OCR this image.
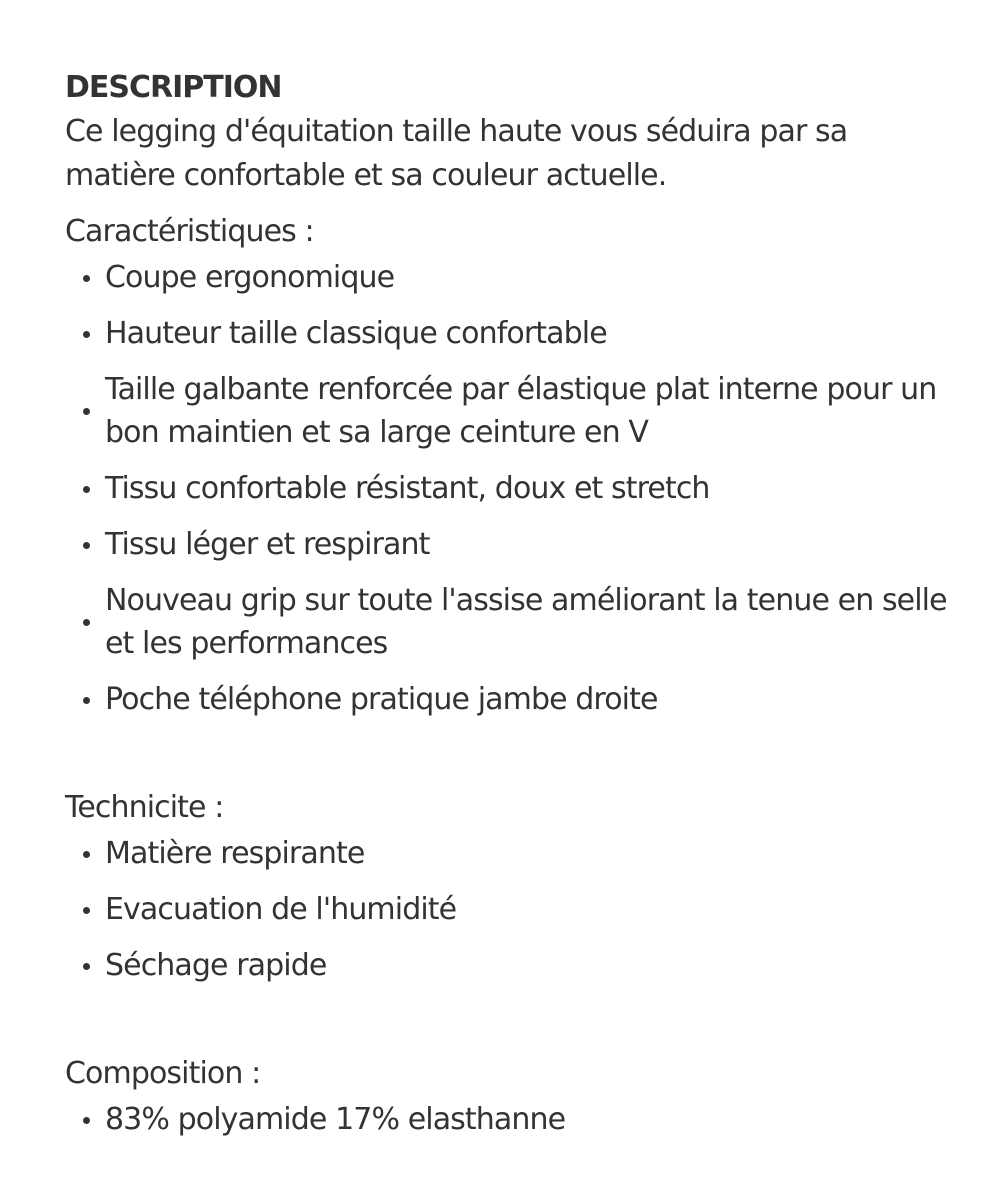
DESCRIPTION

Ce legging d'équitation taille haute vous séduira par sa matière confortable et sa couleur actuelle.

Caractéristiques :

Coupe ergonomique
Hauteur taille classique confortable
Taille galbante renforcée par élastique plat interne pour un bon maintien et sa large ceinture en V
Tissu confortable résistant, doux et stretch
Tissu léger et respirant
Nouveau grip sur toute l'assise améliorant la tenue en selle et les performances
Poche téléphone pratique jambe droite

Technicite :

Matière respirante
Evacuation de l'humidité
Séchage rapide

Composition :

83% polyamide 17% elasthanne
